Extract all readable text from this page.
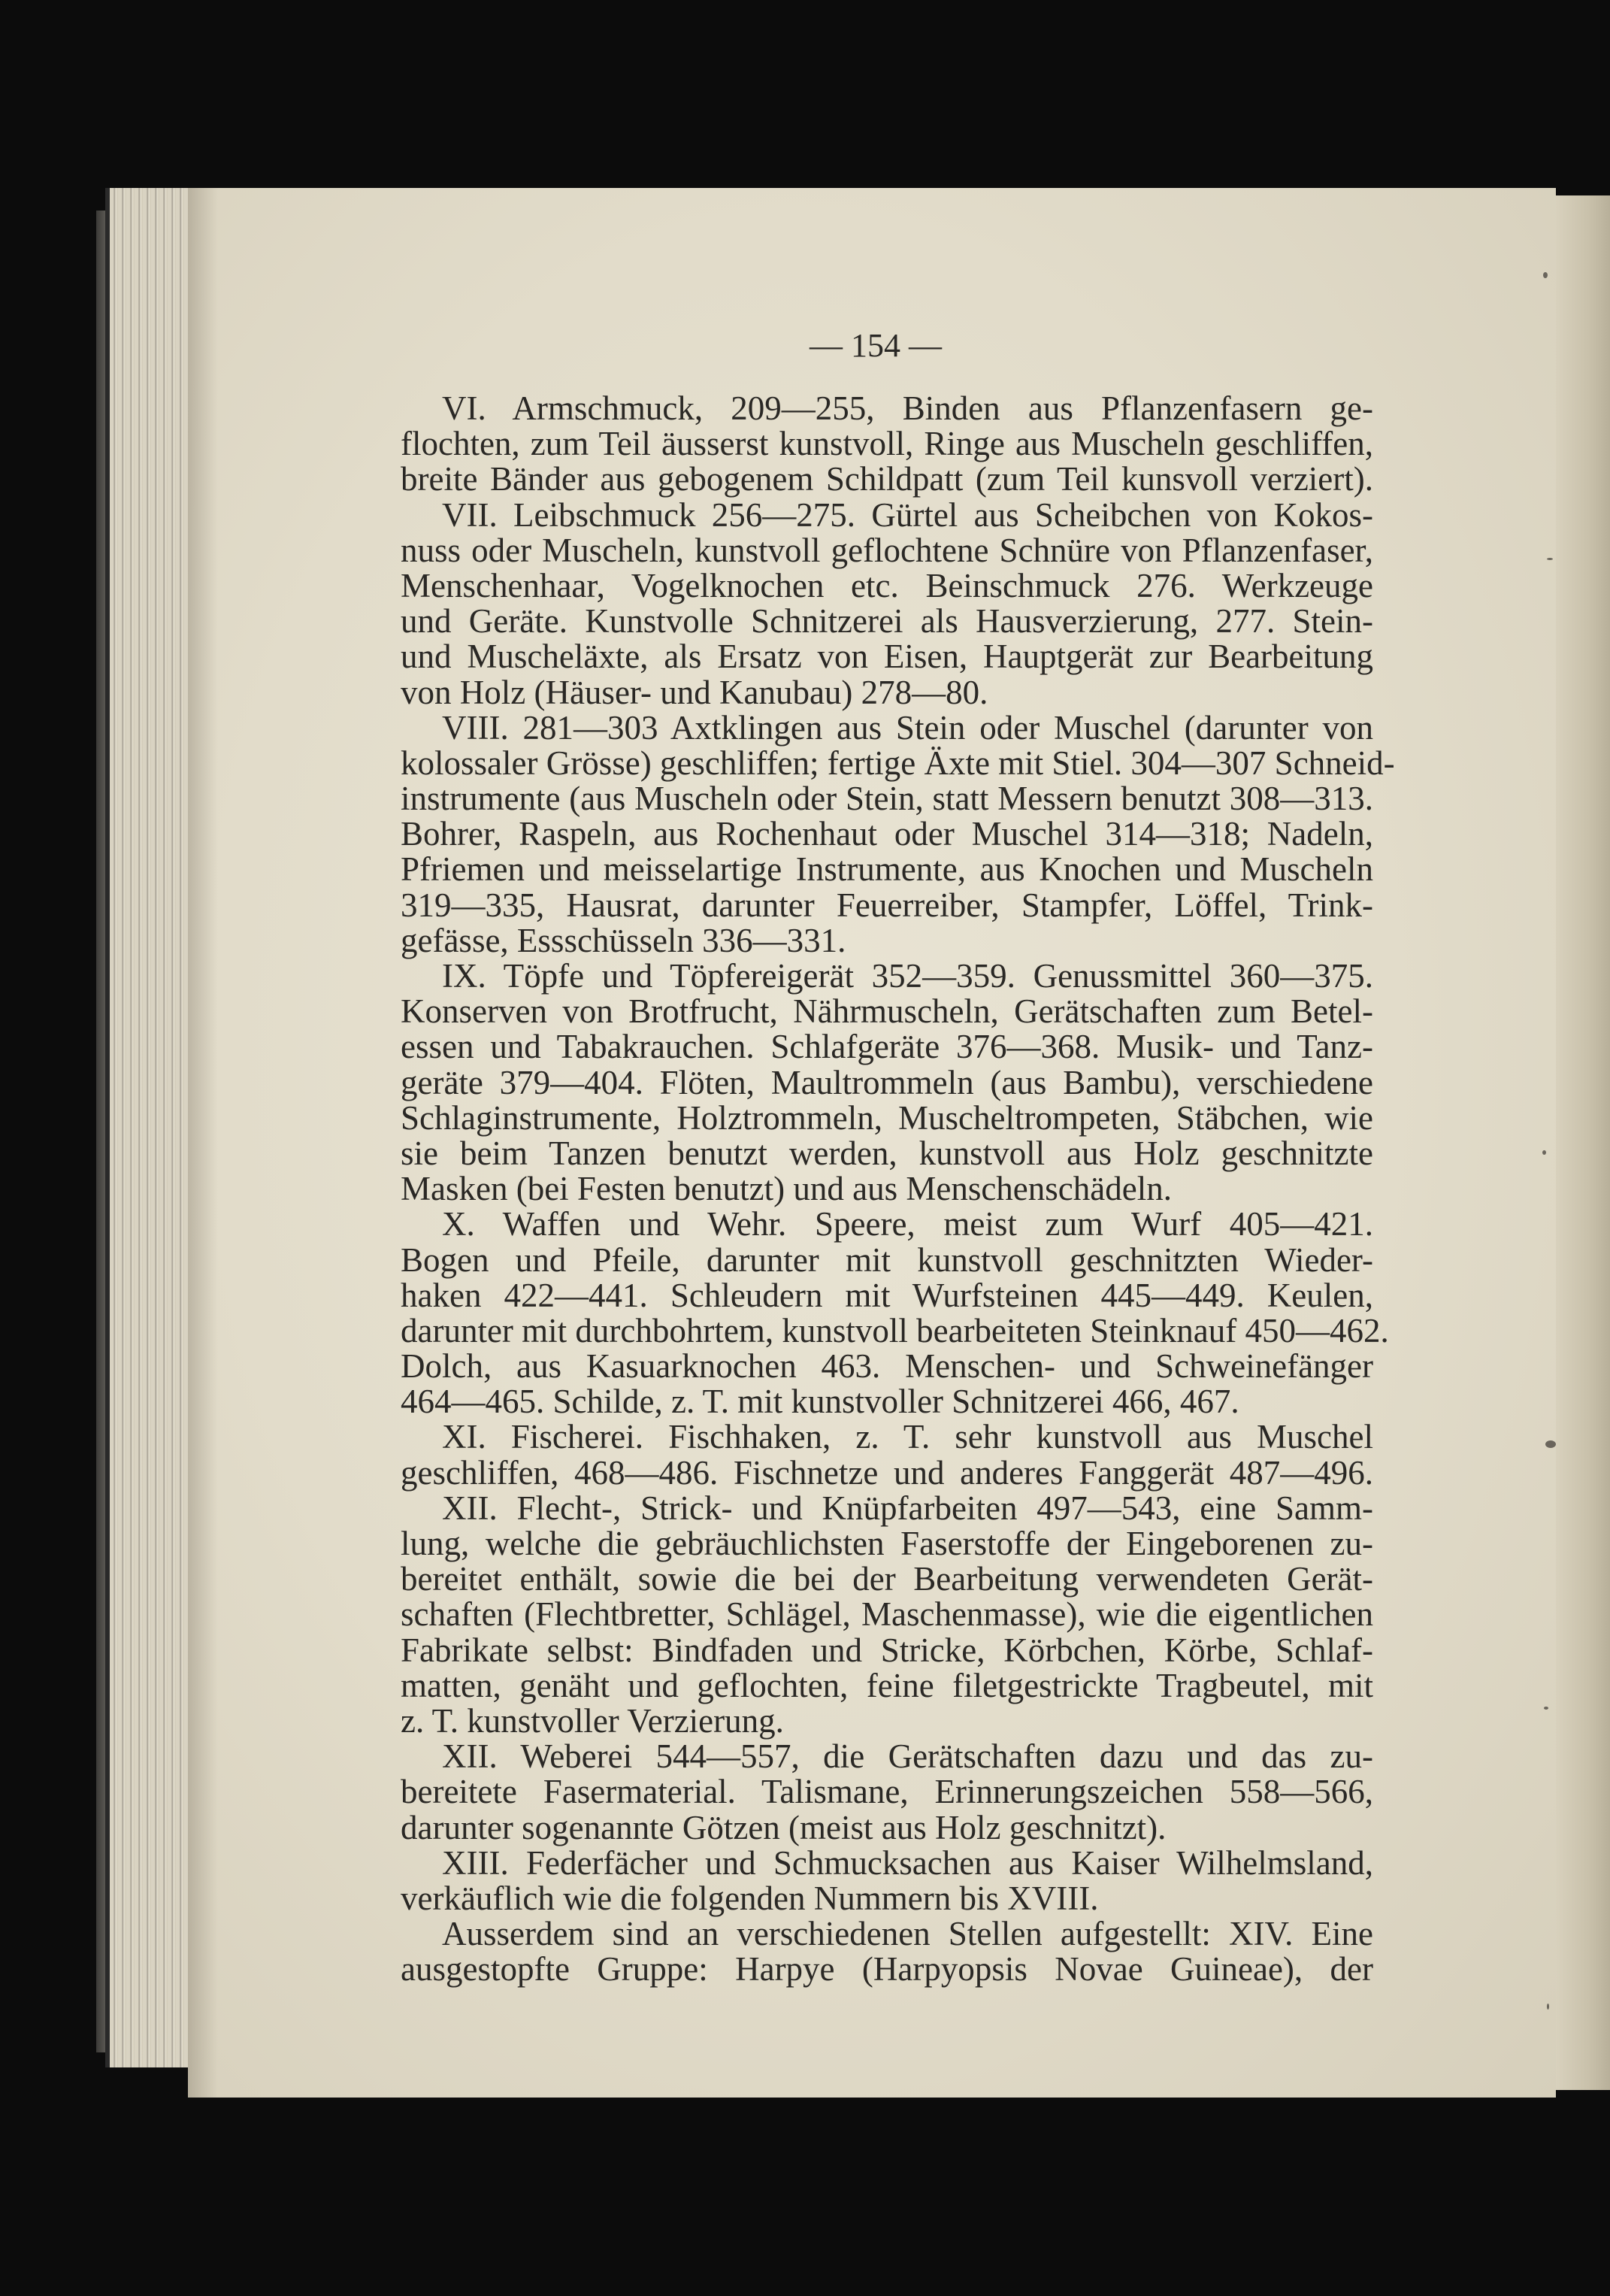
— 154 —
VI. Armschmuck, 209—255, Binden aus Pflanzenfasern ge-
flochten, zum Teil äusserst kunstvoll, Ringe aus Muscheln geschliffen,
breite Bänder aus gebogenem Schildpatt (zum Teil kunsvoll verziert).
VII. Leibschmuck 256—275. Gürtel aus Scheibchen von Kokos-
nuss oder Muscheln, kunstvoll geflochtene Schnüre von Pflanzenfaser,
Menschenhaar, Vogelknochen etc. Beinschmuck 276. Werkzeuge
und Geräte. Kunstvolle Schnitzerei als Hausverzierung, 277. Stein-
und Muscheläxte, als Ersatz von Eisen, Hauptgerät zur Bearbeitung
von Holz (Häuser- und Kanubau) 278—80.
VIII. 281—303 Axtklingen aus Stein oder Muschel (darunter von
kolossaler Grösse) geschliffen; fertige Äxte mit Stiel. 304—307 Schneid-
instrumente (aus Muscheln oder Stein, statt Messern benutzt 308—313.
Bohrer, Raspeln, aus Rochenhaut oder Muschel 314—318; Nadeln,
Pfriemen und meisselartige Instrumente, aus Knochen und Muscheln
319—335, Hausrat, darunter Feuerreiber, Stampfer, Löffel, Trink-
gefässe, Essschüsseln 336—331.
IX. Töpfe und Töpfereigerät 352—359. Genussmittel 360—375.
Konserven von Brotfrucht, Nährmuscheln, Gerätschaften zum Betel-
essen und Tabakrauchen. Schlafgeräte 376—368. Musik- und Tanz-
geräte 379—404. Flöten, Maultrommeln (aus Bambu), verschiedene
Schlaginstrumente, Holztrommeln, Muscheltrompeten, Stäbchen, wie
sie beim Tanzen benutzt werden, kunstvoll aus Holz geschnitzte
Masken (bei Festen benutzt) und aus Menschenschädeln.
X. Waffen und Wehr. Speere, meist zum Wurf 405—421.
Bogen und Pfeile, darunter mit kunstvoll geschnitzten Wieder-
haken 422—441. Schleudern mit Wurfsteinen 445—449. Keulen,
darunter mit durchbohrtem, kunstvoll bearbeiteten Steinknauf 450—462.
Dolch, aus Kasuarknochen 463. Menschen- und Schweinefänger
464—465. Schilde, z. T. mit kunstvoller Schnitzerei 466, 467.
XI. Fischerei. Fischhaken, z. T. sehr kunstvoll aus Muschel
geschliffen, 468—486. Fischnetze und anderes Fanggerät 487—496.
XII. Flecht-, Strick- und Knüpfarbeiten 497—543, eine Samm-
lung, welche die gebräuchlichsten Faserstoffe der Eingeborenen zu-
bereitet enthält, sowie die bei der Bearbeitung verwendeten Gerät-
schaften (Flechtbretter, Schlägel, Maschenmasse), wie die eigentlichen
Fabrikate selbst: Bindfaden und Stricke, Körbchen, Körbe, Schlaf-
matten, genäht und geflochten, feine filetgestrickte Tragbeutel, mit
z. T. kunstvoller Verzierung.
XII. Weberei 544—557, die Gerätschaften dazu und das zu-
bereitete Fasermaterial. Talismane, Erinnerungszeichen 558—566,
darunter sogenannte Götzen (meist aus Holz geschnitzt).
XIII. Federfächer und Schmucksachen aus Kaiser Wilhelmsland,
verkäuflich wie die folgenden Nummern bis XVIII.
Ausserdem sind an verschiedenen Stellen aufgestellt: XIV. Eine
ausgestopfte Gruppe: Harpye (Harpyopsis Novae Guineae), der
